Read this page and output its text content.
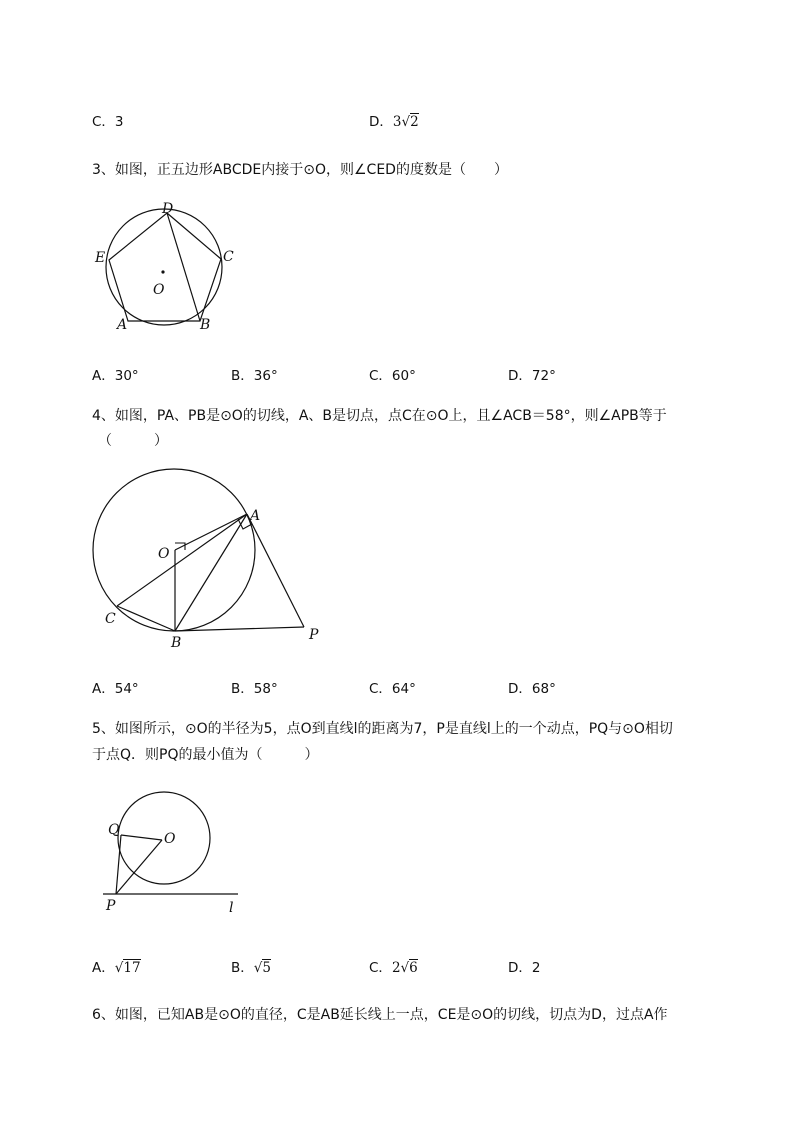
C．3	D．3√2
3、如图，正五边形ABCDE内接于⊙O，则∠CED的度数是（　　）
D
C
E
O
A	B
A．30°	B．36°	C．60°	D．72°
4、如图，PA、PB是⊙O的切线，A、B是切点，点C在⊙O上，且∠ACB＝58°，则∠APB等于
（　　　）
A
O
C
B	P
A．54°	B．58°	C．64°	D．68°
5、如图所示，⊙O的半径为5，点O到直线l的距离为7，P是直线l上的一个动点，PQ与⊙O相切
于点Q．则PQ的最小值为（　　　）
Q
O
P	l
A．√17	B．√5	C．2√6	D．2
6、如图，已知AB是⊙O的直径，C是AB延长线上一点，CE是⊙O的切线，切点为D，过点A作
